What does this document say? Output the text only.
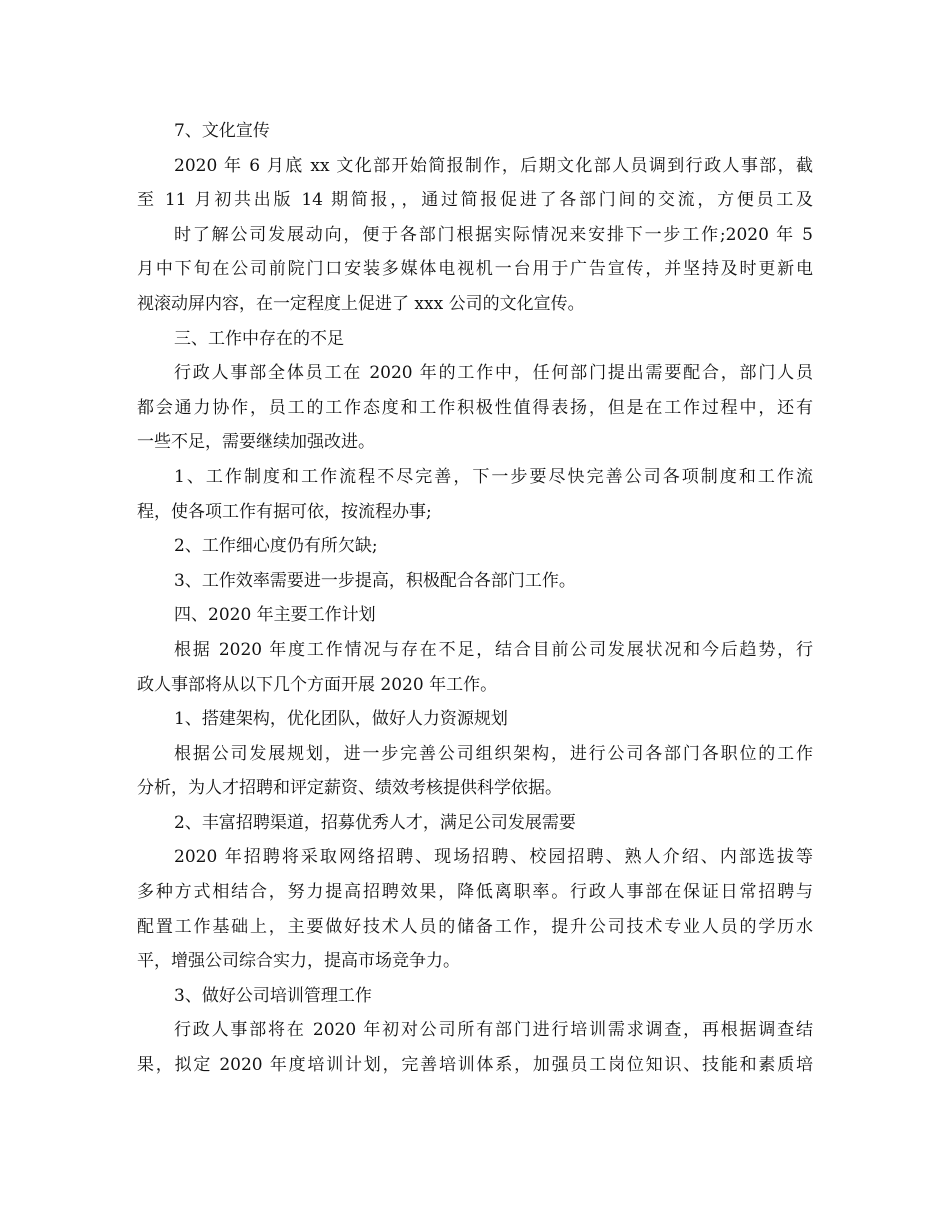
7、文化宣传
2020 年 6 月底 xx 文化部开始简报制作，后期文化部人员调到行政人事部，截
至 11 月初共出版 14 期简报，，通过简报促进了各部门间的交流，方便员工及
时了解公司发展动向，便于各部门根据实际情况来安排下一步工作;2020 年 5
月中下旬在公司前院门口安装多媒体电视机一台用于广告宣传，并坚持及时更新电
视滚动屏内容，在一定程度上促进了 xxx 公司的文化宣传。
三、工作中存在的不足
行政人事部全体员工在 2020 年的工作中，任何部门提出需要配合，部门人员
都会通力协作，员工的工作态度和工作积极性值得表扬，但是在工作过程中，还有
一些不足，需要继续加强改进。
1、工作制度和工作流程不尽完善，下一步要尽快完善公司各项制度和工作流
程，使各项工作有据可依，按流程办事;
2、工作细心度仍有所欠缺;
3、工作效率需要进一步提高，积极配合各部门工作。
四、2020 年主要工作计划
根据 2020 年度工作情况与存在不足，结合目前公司发展状况和今后趋势，行
政人事部将从以下几个方面开展 2020 年工作。
1、搭建架构，优化团队，做好人力资源规划
根据公司发展规划，进一步完善公司组织架构，进行公司各部门各职位的工作
分析，为人才招聘和评定薪资、绩效考核提供科学依据。
2、丰富招聘渠道，招募优秀人才，满足公司发展需要
2020 年招聘将采取网络招聘、现场招聘、校园招聘、熟人介绍、内部选拔等
多种方式相结合，努力提高招聘效果，降低离职率。行政人事部在保证日常招聘与
配置工作基础上，主要做好技术人员的储备工作，提升公司技术专业人员的学历水
平，增强公司综合实力，提高市场竞争力。
3、做好公司培训管理工作
行政人事部将在 2020 年初对公司所有部门进行培训需求调查，再根据调查结
果，拟定 2020 年度培训计划，完善培训体系，加强员工岗位知识、技能和素质培
